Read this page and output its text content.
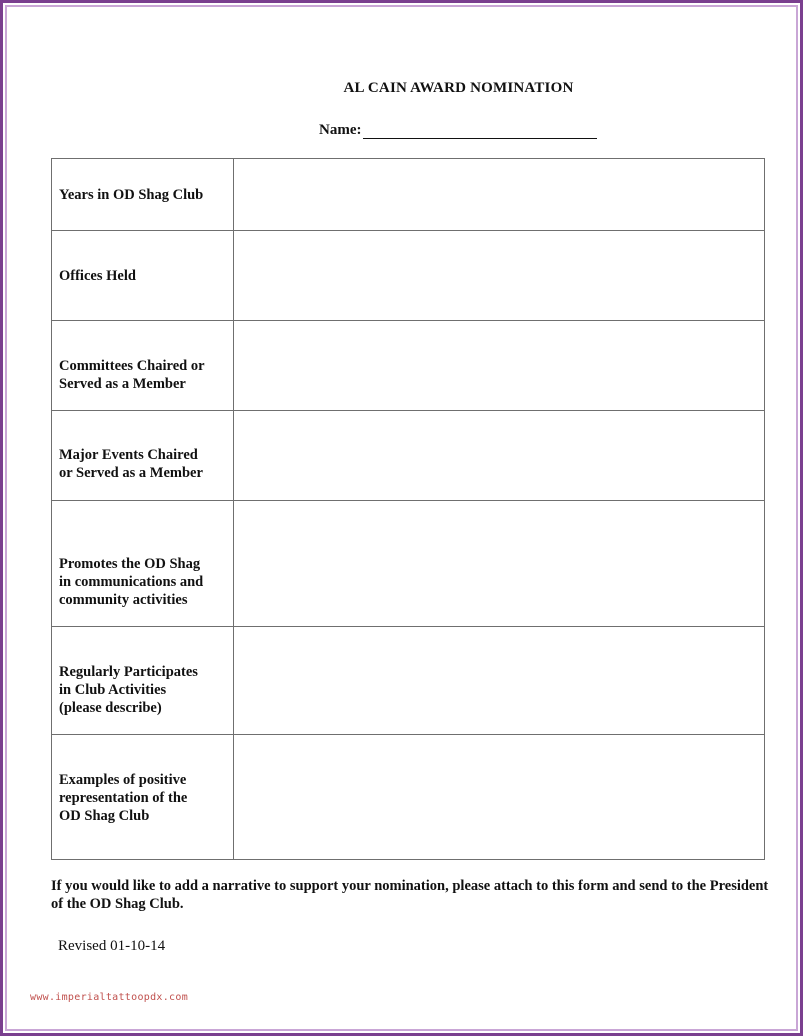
AL CAIN AWARD NOMINATION
Name:
Years in OD Shag Club	

Offices Held	

Committees Chaired or
Served as a Member	

Major Events Chaired
or Served as a Member	

Promotes the OD Shag
in communications and
community activities	

Regularly Participates
in Club Activities
(please describe)	

Examples of positive
representation of the
OD Shag Club	

If you would like to add a narrative to support your nomination, please attach to this form and send to the President of the OD Shag Club.
Revised 01-10-14
www.imperialtattoopdx.com
